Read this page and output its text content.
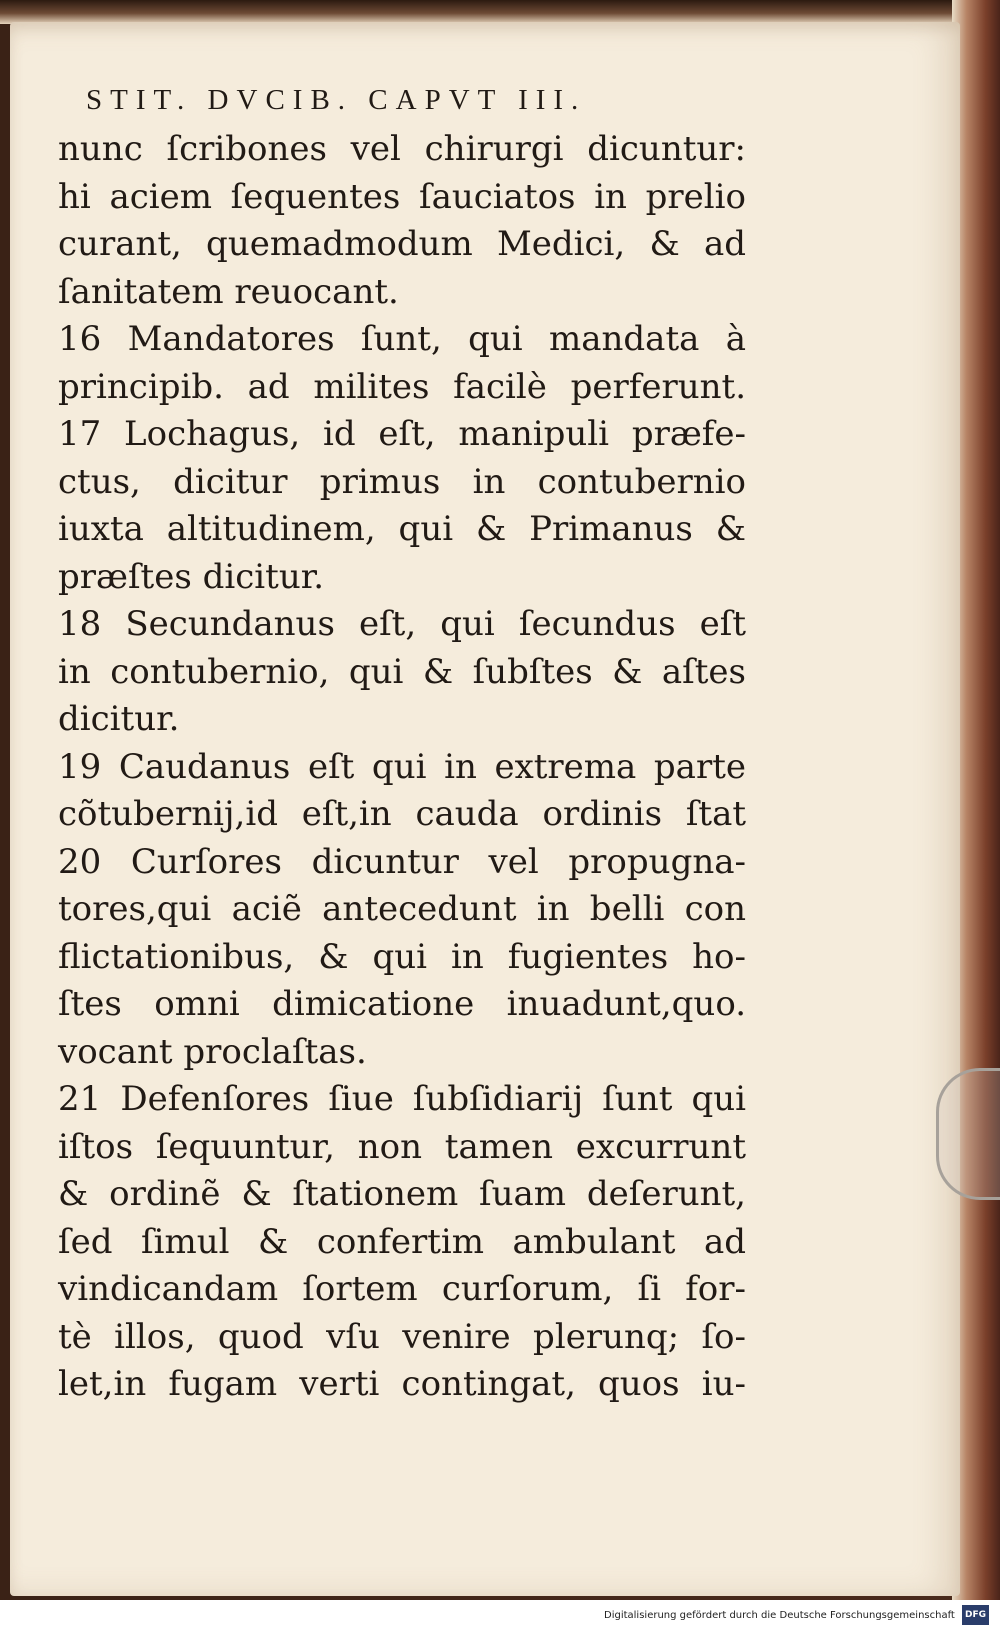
STIT. DVCIB. CAPVT III.
nunc ſcribones vel chirurgi dicuntur:
hi aciem ſequentes ſauciatos in prelio
curant, quemadmodum Medici, & ad
ſanitatem reuocant.
16 Mandatores ſunt, qui mandata à
principib. ad milites facilè perferunt.
17 Lochagus, id eſt, manipuli præfe-
ctus, dicitur primus in contubernio
iuxta altitudinem, qui & Primanus &
præſtes dicitur.
18 Secundanus eſt, qui ſecundus eſt
in contubernio, qui & ſubſtes & aſtes
dicitur.
19 Caudanus eſt qui in extrema parte
cõtubernij,id eſt,in cauda ordinis ſtat
20 Curſores dicuntur vel propugna-
tores,qui aciẽ antecedunt in belli con
flictationibus, & qui in fugientes ho-
ſtes omni dimicatione inuadunt,quo.
vocant proclaſtas.
21 Defenſores ſiue ſubſidiarij ſunt qui
iſtos ſequuntur, non tamen excurrunt
& ordinẽ & ſtationem ſuam deſerunt,
ſed ſimul & confertim ambulant ad
vindicandam ſortem curſorum, ſi for-
tè illos, quod vſu venire plerunq; ſo-
let,in fugam verti contingat, quos iu-
Digitalisierung gefördert durch die Deutsche Forschungsgemeinschaft DFG
